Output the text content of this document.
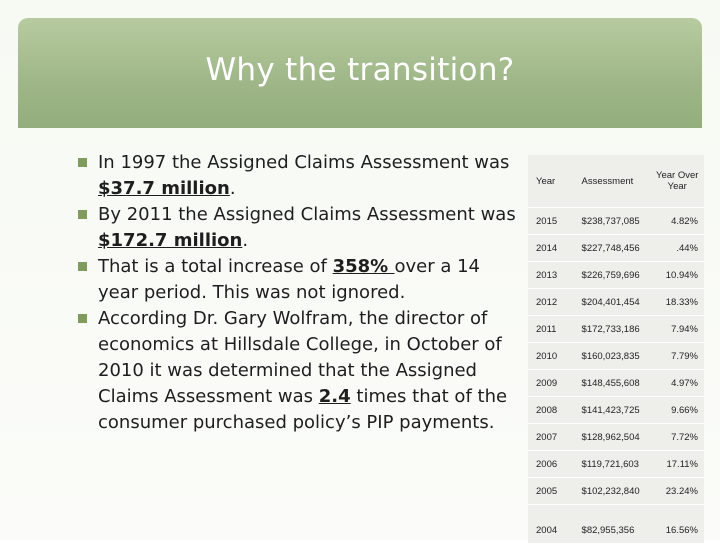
Why the transition?
In 1997 the Assigned Claims Assessment was $37.7 million.
By 2011 the Assigned Claims Assessment was $172.7 million.
That is a total increase of 358% over a 14 year period. This was not ignored.
According Dr. Gary Wolfram, the director of economics at Hillsdale College, in October of 2010 it was determined that the Assigned Claims Assessment was 2.4 times that of the consumer purchased policy’s PIP payments.
Year	Assessment	Year Over Year
2015	$238,737,085	4.82%
2014	$227,748,456	.44%
2013	$226,759,696	10.94%
2012	$204,401,454	18.33%
2011	$172,733,186	7.94%
2010	$160,023,835	7.79%
2009	$148,455,608	4.97%
2008	$141,423,725	9.66%
2007	$128,962,504	7.72%
2006	$119,721,603	17.11%
2005	$102,232,840	23.24%
2004	$82,955,356	16.56%
